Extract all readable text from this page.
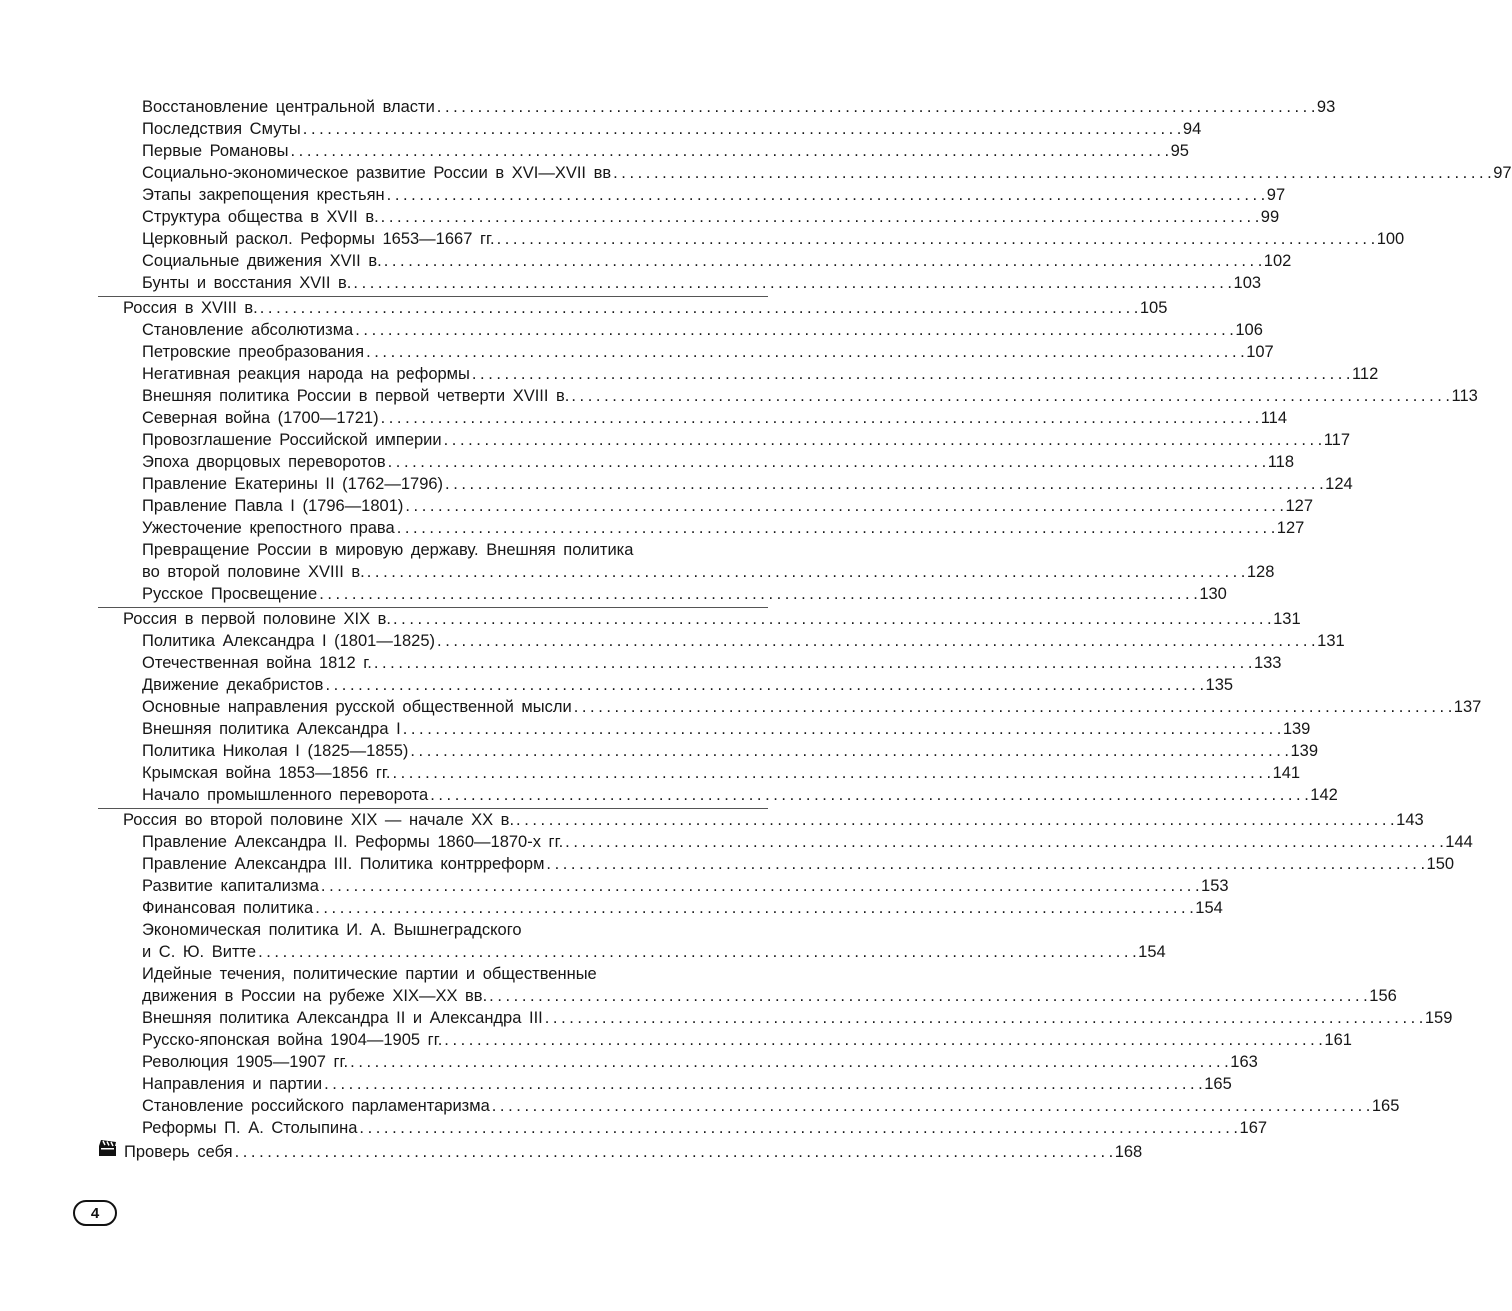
Восстановление центральной власти . . .	93
Последствия Смуты . . .	94
Первые Романовы . . .	95
Социально-экономическое развитие России в XVI—XVII вв . . .	97
Этапы закрепощения крестьян . . .	97
Структура общества в XVII в. . . .	99
Церковный раскол. Реформы 1653—1667 гг. . . .	100
Социальные движения XVII в. . . .	102
Бунты и восстания XVII в. . . .	103
Россия в XVIII в. . . .	105
Становление абсолютизма . . .	106
Петровские преобразования . . .	107
Негативная реакция народа на реформы . . .	112
Внешняя политика России в первой четверти XVIII в. . . .	113
Северная война (1700—1721) . . .	114
Провозглашение Российской империи . . .	117
Эпоха дворцовых переворотов . . .	118
Правление Екатерины II (1762—1796) . . .	124
Правление Павла I (1796—1801) . . .	127
Ужесточение крепостного права . . .	127
Превращение России в мировую державу. Внешняя политика
во второй половине XVIII в. . . .	128
Русское Просвещение . . .	130
Россия в первой половине XIX в. . . .	131
Политика Александра I (1801—1825) . . .	131
Отечественная война 1812 г. . . .	133
Движение декабристов . . .	135
Основные направления русской общественной мысли . . .	137
Внешняя политика Александра I . . .	139
Политика Николая I (1825—1855) . . .	139
Крымская война 1853—1856 гг. . . .	141
Начало промышленного переворота . . .	142
Россия во второй половине XIX — начале XX в. . . .	143
Правление Александра II. Реформы 1860—1870-х гг. . . .	144
Правление Александра III. Политика контрреформ . . .	150
Развитие капитализма . . .	153
Финансовая политика . . .	154
Экономическая политика И. А. Вышнеградского
и С. Ю. Витте . . .	154
Идейные течения, политические партии и общественные
движения в России на рубеже XIX—XX вв. . . .	156
Внешняя политика Александра II и Александра III . . .	159
Русско-японская война 1904—1905 гг. . . .	161
Революция 1905—1907 гг. . . .	163
Направления и партии . . .	165
Становление российского парламентаризма . . .	165
Реформы П. А. Столыпина . . .	167
Проверь себя . . .	168
4
